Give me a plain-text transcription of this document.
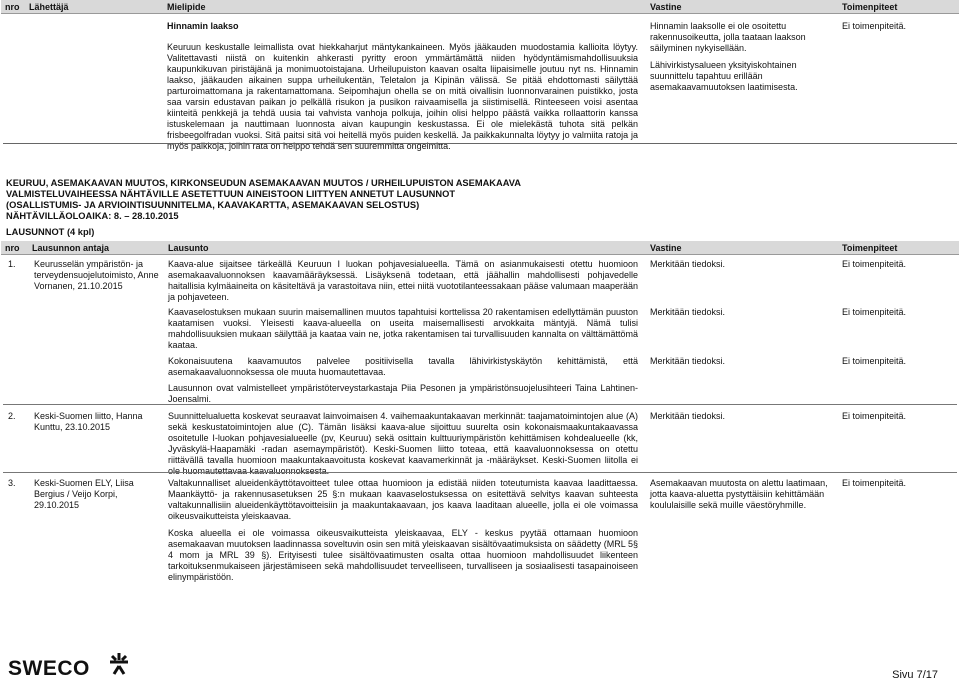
nro Lähettäjä	Mielipide	Vastine	Toimenpiteet
Hinnamin laakso
Keuruun keskustalle leimallista ovat hiekkaharjut mäntykankaineen. Myös jääkauden muodostamia kallioita löytyy. Valitettavasti niistä on kuitenkin ahkerasti pyritty eroon ymmärtämättä niiden hyödyntämismahdollisuuksia kaupunkikuvan piristäjänä ja monimuotoistajana. Urheilupuiston kaavan osalta liipaisimelle joutuu nyt ns. Hinnamin laakso, jääkauden aikainen suppa urheilukentän, Teletalon ja Kipinän välissä. Se pitää ehdottomasti säilyttää parturoimattomana ja rakentamattomana. Seipomhajun ohella se on mitä oivallisin luonnonvarainen puistikko, josta saa varsin edustavan paikan jo pelkällä risukon ja pusikon raivaamisella ja siistimisellä. Rinteeseen voisi asentaa kiinteitä penkkejä ja tehdä uusia tai vahvista vanhoja polkuja, joihin olisi helppo päästä vaikka rollaattorin kanssa istuskelemaan ja nauttimaan luonnosta aivan kaupungin keskustassa. Ei ole mielekästä tuhota sitä pelkän frisbeegolfradan vuoksi. Sitä paitsi sitä voi heitellä myös puiden keskellä. Ja paikkakunnalta löytyy jo valmiita ratoja ja myös paikkoja, joihin rata on helppo tehdä sen suuremmitta ongelmitta.
Hinnamin laaksolle ei ole osoitettu rakennusoikeutta, jolla taataan laakson säilyminen nykyisellään.
Lähivirkistysalueen yksityiskohtainen suunnittelu tapahtuu erillään asemakaavamuutoksen laatimisesta.
Ei toimenpiteitä.
KEURUU, ASEMAKAAVAN MUUTOS, KIRKONSEUDUN ASEMAKAAVAN MUUTOS / URHEILUPUISTON ASEMAKAAVA
VALMISTELUVAIHEESSA NÄHTÄVILLE ASETETTUUN AINEISTOON LIITTYEN ANNETUT LAUSUNNOT
(OSALLISTUMIS- JA ARVIOINTISUUNNITELMA, KAAVAKARTTA, ASEMAKAAVAN SELOSTUS)
NÄHTÄVILLÄOLOAIKA: 8. – 28.10.2015
LAUSUNNOT (4 kpl)
nro Lausunnon antaja	Lausunto	Vastine	Toimenpiteet
1. Keurusselän ympäristön- ja terveydensuojelutoimisto, Anne Vornanen, 21.10.2015
Kaava-alue sijaitsee tärkeällä Keuruun I luokan pohjavesialueella. Tämä on asianmukaisesti otettu huomioon asemakaavaluonnoksen kaavamääräyksessä. Lisäyksenä todetaan, että jäähallin mahdollisesti pohjavedelle haitallisia kylmäaineita on käsiteltävä ja varastoitava niin, ettei niitä vuototilanteessakaan pääse valumaan maaperään ja pohjaveteen.
Merkitään tiedoksi.	Ei toimenpiteitä.
Kaavaselostuksen mukaan suurin maisemallinen muutos tapahtuisi korttelissa 20 rakentamisen edellyttämän puuston kaatamisen vuoksi. Yleisesti kaava-alueella on useita maisemallisesti arvokkaita mäntyjä. Nämä tulisi mahdollisuuksien mukaan säilyttää ja kaataa vain ne, jotka rakentamisen tai turvallisuuden kannalta on välttämättömä kaataa.
Merkitään tiedoksi.	Ei toimenpiteitä.
Kokonaisuutena kaavamuutos palvelee positiivisella tavalla lähivirkistyskäytön kehittämistä, että asemakaavaluonnoksessa ole muuta huomautettavaa.
Lausunnon ovat valmistelleet ympäristöterveystarkastaja Piia Pesonen ja ympäristönsuojelusihteeri Taina Lahtinen-Joensalmi.
Merkitään tiedoksi.	Ei toimenpiteitä.
2. Keski-Suomen liitto, Hanna Kunttu, 23.10.2015
Suunnittelualuetta koskevat seuraavat lainvoimaisen 4. vaihemaakuntakaavan merkinnät: taajamatoimintojen alue (A) sekä keskustatoimintojen alue (C). Tämän lisäksi kaava-alue sijoittuu suurelta osin kokonaismaakuntakaavassa osoitetulle I-luokan pohjavesialueelle (pv, Keuruu) sekä osittain kulttuuriympäristön kehittämisen kohdealueelle (kk, Jyväskylä-Haapamäki -radan asemaympäristöt). Keski-Suomen liitto toteaa, että kaavaluonnoksessa on otettu riittävällä tavalla huomioon maakuntakaavoitusta koskevat kaavamerkinnät ja -määräykset. Keski-Suomen liitolla ei ole huomautettavaa kaavaluonnoksesta.
Merkitään tiedoksi.	Ei toimenpiteitä.
3. Keski-Suomen ELY, Liisa Bergius / Veijo Korpi, 29.10.2015
Valtakunnalliset alueidenkäyttötavoitteet tulee ottaa huomioon ja edistää niiden toteutumista kaavaa laadittaessa. Maankäyttö- ja rakennusasetuksen 25 §:n mukaan kaavaselostuksessa on esitettävä selvitys kaavan suhteesta valtakunnallisiin alueidenkäyttötavoitteisiin ja maakuntakaavaan, jos kaava laaditaan alueelle, jolla ei ole voimassa oikeusvaikutteista yleiskaavaa.
Koska alueella ei ole voimassa oikeusvaikutteista yleiskaavaa, ELY - keskus pyytää ottamaan huomioon asemakaavan muutoksen laadinnassa soveltuvin osin sen mitä yleiskaavan sisältövaatimuksista on säädetty (MRL 5§ 4 mom ja MRL 39 §). Erityisesti tulee sisältövaatimusten osalta ottaa huomioon mahdollisuudet liikenteen tarkoituksenmukaiseen järjestämiseen sekä mahdollisuudet terveelliseen, turvalliseen ja sosiaalisesti tasapainoiseen elinympäristöön.
Asemakaavan muutosta on alettu laatimaan, jotta kaava-aluetta pystyttäisiin kehittämään koululaisille sekä muille väestöryhmille.
Ei toimenpiteitä.
SWECO	Sivu 7/17
